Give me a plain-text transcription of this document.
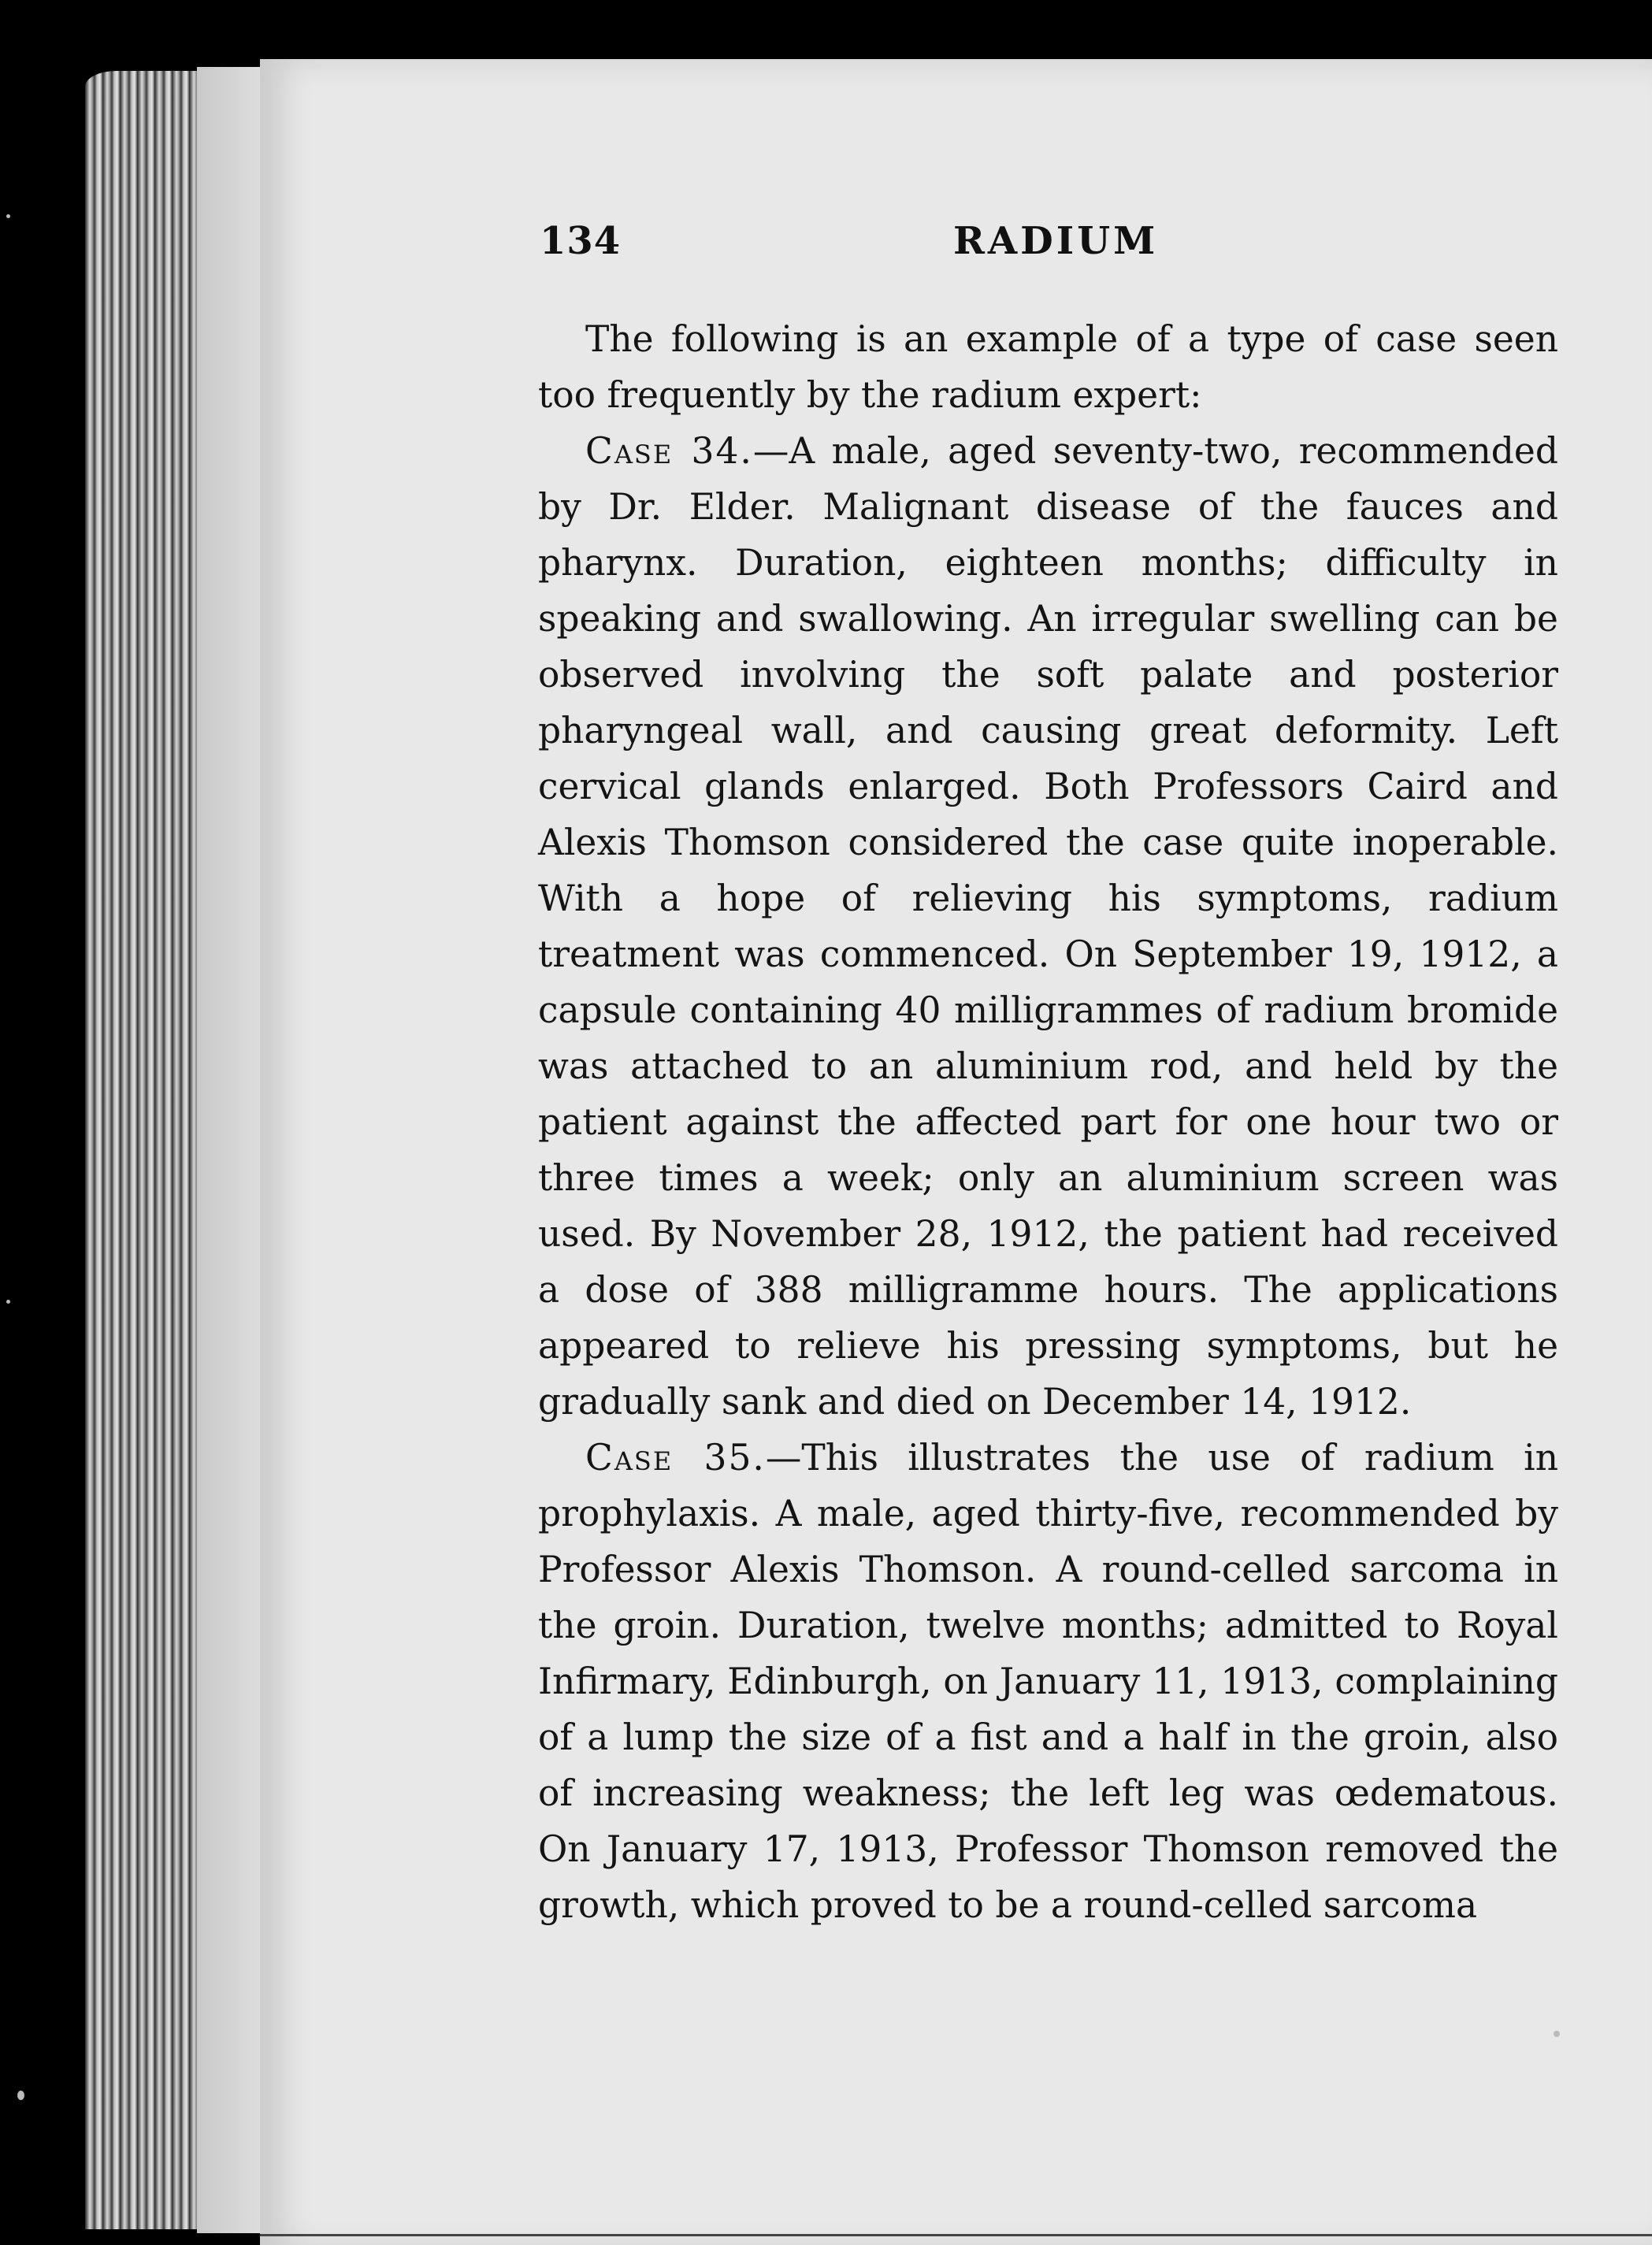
134	RADIUM

The following is an example of a type of case seen too frequently by the radium expert:

Case 34.—A male, aged seventy-two, recommended by Dr. Elder. Malignant disease of the fauces and pharynx. Duration, eighteen months; difficulty in speaking and swallowing. An irregular swelling can be observed involving the soft palate and posterior pharyngeal wall, and causing great deformity. Left cervical glands enlarged. Both Professors Caird and Alexis Thomson considered the case quite inoperable. With a hope of relieving his symptoms, radium treatment was commenced. On September 19, 1912, a capsule containing 40 milligrammes of radium bromide was attached to an aluminium rod, and held by the patient against the affected part for one hour two or three times a week; only an aluminium screen was used. By November 28, 1912, the patient had received a dose of 388 milligramme hours. The applications appeared to relieve his pressing symptoms, but he gradually sank and died on December 14, 1912.

Case 35.—This illustrates the use of radium in prophylaxis. A male, aged thirty-five, recommended by Professor Alexis Thomson. A round-celled sarcoma in the groin. Duration, twelve months; admitted to Royal Infirmary, Edinburgh, on January 11, 1913, complaining of a lump the size of a fist and a half in the groin, also of increasing weakness; the left leg was œdematous. On January 17, 1913, Professor Thomson removed the growth, which proved to be a round-celled sarcoma
